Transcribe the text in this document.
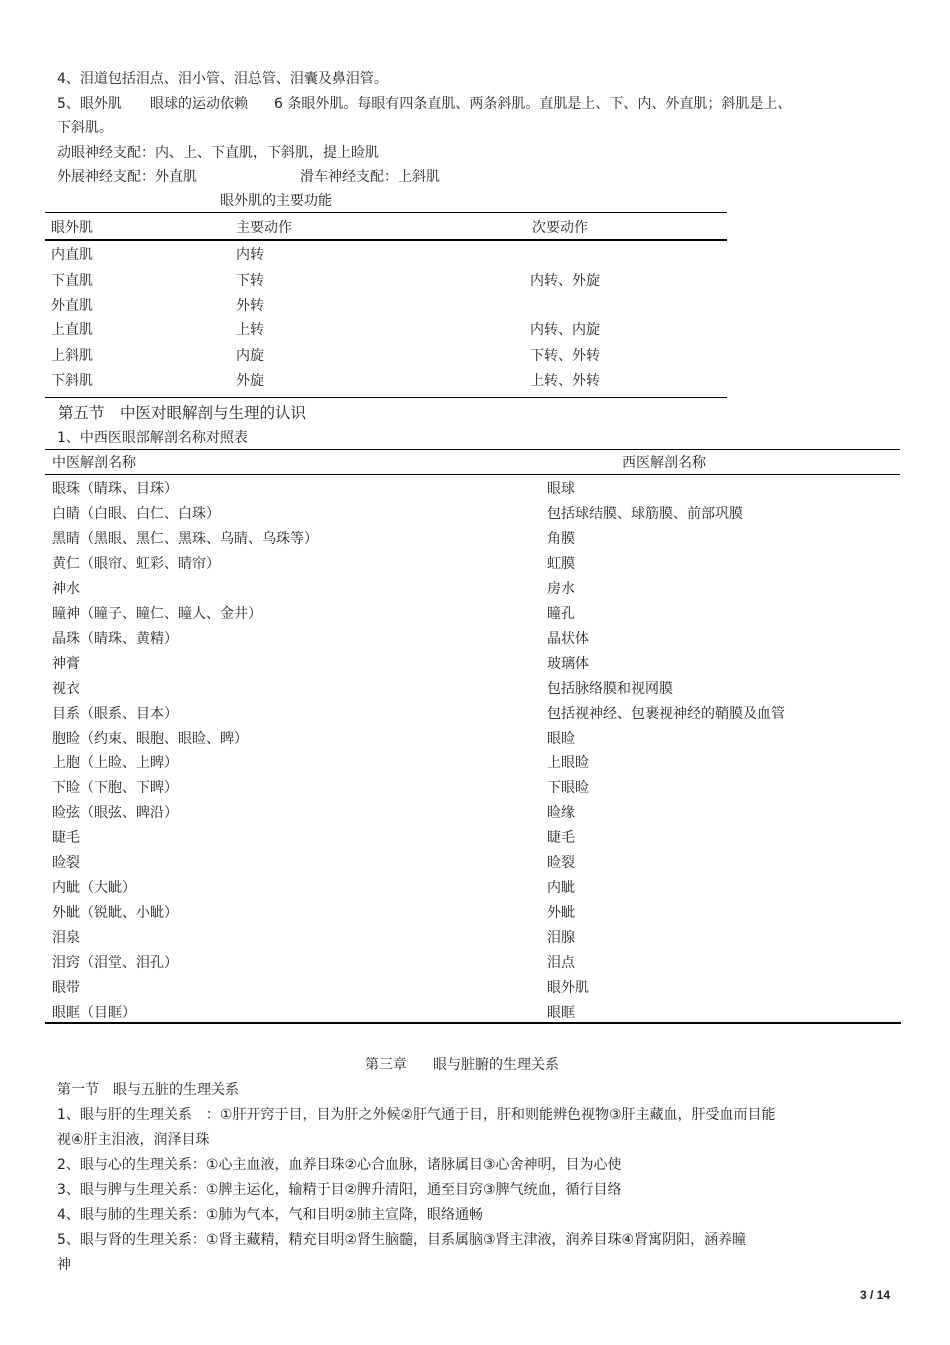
4、泪道包括泪点、泪小管、泪总管、泪囊及鼻泪管。
5、眼外肌 眼球的运动依赖 6 条眼外肌。每眼有四条直肌、两条斜肌。直肌是上、下、内、外直肌；斜肌是上、
下斜肌。
动眼神经支配：内、上、下直肌，下斜肌，提上睑肌
外展神经支配：外直肌	滑车神经支配：上斜肌
眼外肌的主要功能
眼外肌	主要动作	次要动作
内直肌	内转
下直肌	下转	内转、外旋
外直肌	外转
上直肌	上转	内转、内旋
上斜肌	内旋	下转、外转
下斜肌	外旋	上转、外转
第五节　中医对眼解剖与生理的认识
1、中西医眼部解剖名称对照表
中医解剖名称	西医解剖名称
眼珠（睛珠、目珠）	眼球
白睛（白眼、白仁、白珠）	包括球结膜、球筋膜、前部巩膜
黑睛（黑眼、黑仁、黑珠、乌睛、乌珠等）	角膜
黄仁（眼帘、虹彩、睛帘）	虹膜
神水	房水
瞳神（瞳子、瞳仁、瞳人、金井）	瞳孔
晶珠（睛珠、黄精）	晶状体
神膏	玻璃体
视衣	包括脉络膜和视网膜
目系（眼系、目本）	包括视神经、包裹视神经的鞘膜及血管
胞睑（约束、眼胞、眼睑、睥）	眼睑
上胞（上睑、上睥）	上眼睑
下睑（下胞、下睥）	下眼睑
睑弦（眼弦、睥沿）	睑缘
睫毛	睫毛
睑裂	睑裂
内眦（大眦）	内眦
外眦（锐眦、小眦）	外眦
泪泉	泪腺
泪窍（泪堂、泪孔）	泪点
眼带	眼外肌
眼眶（目眶）	眼眶
第三章 眼与脏腑的生理关系
第一节　眼与五脏的生理关系
1、眼与肝的生理关系　：①肝开窍于目，目为肝之外候②肝气通于目，肝和则能辨色视物③肝主藏血，肝受血而目能
视④肝主泪液，润泽目珠
2、眼与心的生理关系：①心主血液，血养目珠②心合血脉，诸脉属目③心舍神明，目为心使
3、眼与脾与生理关系：①脾主运化，输精于目②脾升清阳，通至目窍③脾气统血，循行目络
4、眼与肺的生理关系：①肺为气本，气和目明②肺主宣降，眼络通畅
5、眼与肾的生理关系：①肾主藏精，精充目明②肾生脑髓，目系属脑③肾主津液，润养目珠④肾寓阴阳，涵养瞳
神
3 / 14
